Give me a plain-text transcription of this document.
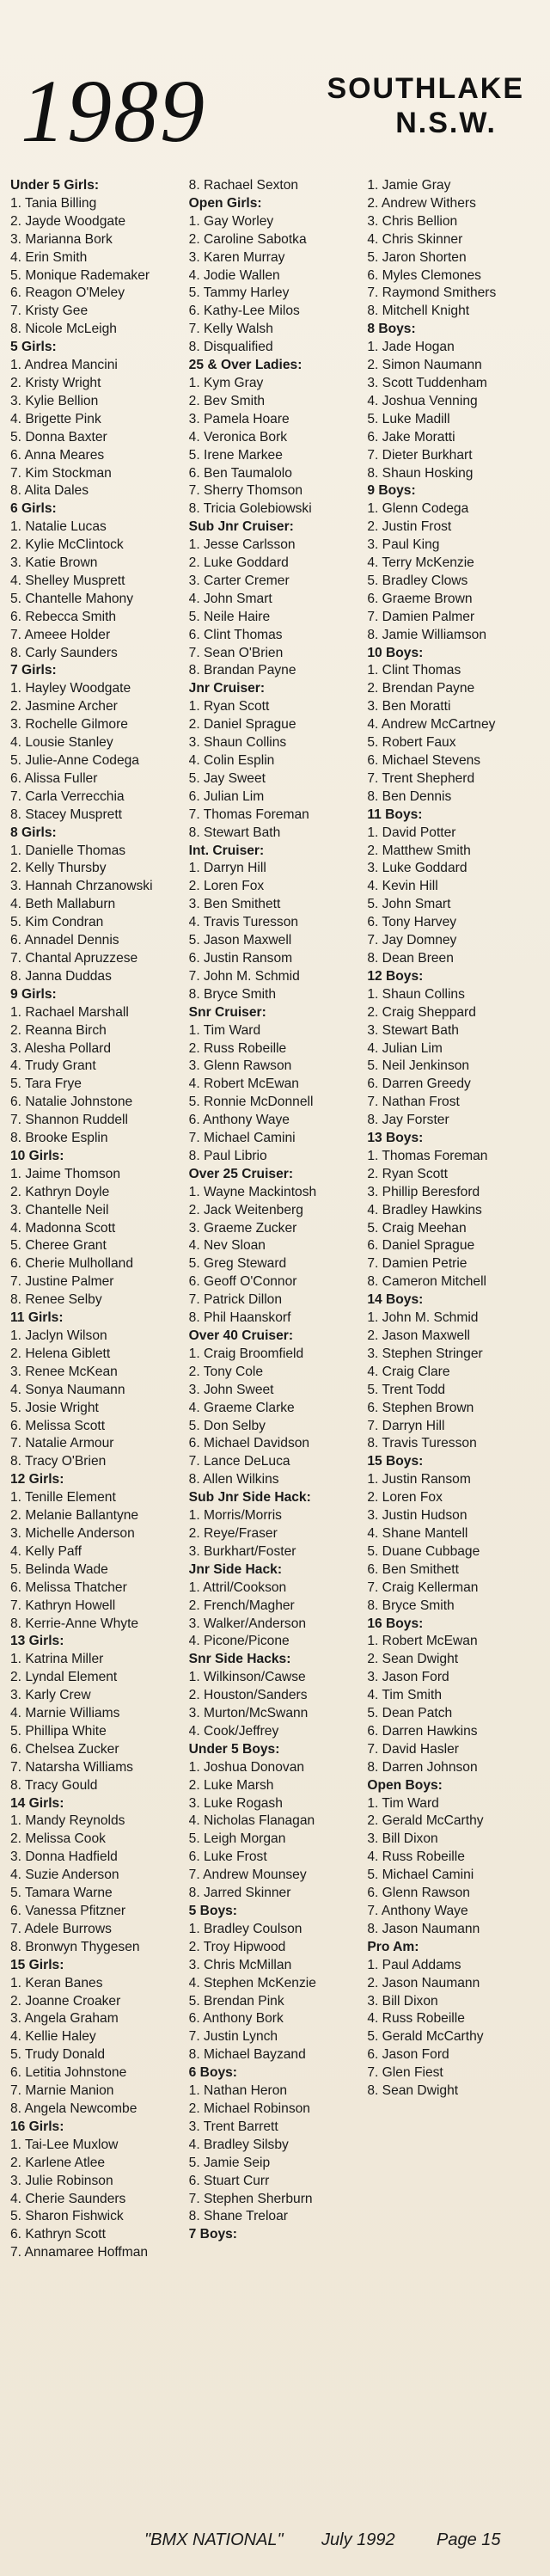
1989	SOUTHLAKE
N.S.W.
Under 5 Girls:
1. Tania Billing
2. Jayde Woodgate
3. Marianna Bork
4. Erin Smith
5. Monique Rademaker
6. Reagon O'Meley
7. Kristy Gee
8. Nicole McLeigh
5 Girls:
1. Andrea Mancini
2. Kristy Wright
3. Kylie Bellion
4. Brigette Pink
5. Donna Baxter
6. Anna Meares
7. Kim Stockman
8. Alita Dales
6 Girls:
1. Natalie Lucas
2. Kylie McClintock
3. Katie Brown
4. Shelley Musprett
5. Chantelle Mahony
6. Rebecca Smith
7. Ameee Holder
8. Carly Saunders
7 Girls:
1. Hayley Woodgate
2. Jasmine Archer
3. Rochelle Gilmore
4. Lousie Stanley
5. Julie-Anne Codega
6. Alissa Fuller
7. Carla Verrecchia
8. Stacey Musprett
8 Girls:
1. Danielle Thomas
2. Kelly Thursby
3. Hannah Chrzanowski
4. Beth Mallaburn
5. Kim Condran
6. Annadel Dennis
7. Chantal Apruzzese
8. Janna Duddas
9 Girls:
1. Rachael Marshall
2. Reanna Birch
3. Alesha Pollard
4. Trudy Grant
5. Tara Frye
6. Natalie Johnstone
7. Shannon Ruddell
8. Brooke Esplin
10 Girls:
1. Jaime Thomson
2. Kathryn Doyle
3. Chantelle Neil
4. Madonna Scott
5. Cheree Grant
6. Cherie Mulholland
7. Justine Palmer
8. Renee Selby
11 Girls:
1. Jaclyn Wilson
2. Helena Giblett
3. Renee McKean
4. Sonya Naumann
5. Josie Wright
6. Melissa Scott
7. Natalie Armour
8. Tracy O'Brien
12 Girls:
1. Tenille Element
2. Melanie Ballantyne
3. Michelle Anderson
4. Kelly Paff
5. Belinda Wade
6. Melissa Thatcher
7. Kathryn Howell
8. Kerrie-Anne Whyte
13 Girls:
1. Katrina Miller
2. Lyndal Element
3. Karly Crew
4. Marnie Williams
5. Phillipa White
6. Chelsea Zucker
7. Natarsha Williams
8. Tracy Gould
14 Girls:
1. Mandy Reynolds
2. Melissa Cook
3. Donna Hadfield
4. Suzie Anderson
5. Tamara Warne
6. Vanessa Pfitzner
7. Adele Burrows
8. Bronwyn Thygesen
15 Girls:
1. Keran Banes
2. Joanne Croaker
3. Angela Graham
4. Kellie Haley
5. Trudy Donald
6. Letitia Johnstone
7. Marnie Manion
8. Angela Newcombe
16 Girls:
1. Tai-Lee Muxlow
2. Karlene Atlee
3. Julie Robinson
4. Cherie Saunders
5. Sharon Fishwick
6. Kathryn Scott
7. Annamaree Hoffman
8. Rachael Sexton
Open Girls:
1. Gay Worley
2. Caroline Sabotka
3. Karen Murray
4. Jodie Wallen
5. Tammy Harley
6. Kathy-Lee Milos
7. Kelly Walsh
8. Disqualified
25 & Over Ladies:
1. Kym Gray
2. Bev Smith
3. Pamela Hoare
4. Veronica Bork
5. Irene Markee
6. Ben Taumalolo
7. Sherry Thomson
8. Tricia Golebiowski
Sub Jnr Cruiser:
1. Jesse Carlsson
2. Luke Goddard
3. Carter Cremer
4. John Smart
5. Neile Haire
6. Clint Thomas
7. Sean O'Brien
8. Brandan Payne
Jnr Cruiser:
1. Ryan Scott
2. Daniel Sprague
3. Shaun Collins
4. Colin Esplin
5. Jay Sweet
6. Julian Lim
7. Thomas Foreman
8. Stewart Bath
Int. Cruiser:
1. Darryn Hill
2. Loren Fox
3. Ben Smithett
4. Travis Turesson
5. Jason Maxwell
6. Justin Ransom
7. John M. Schmid
8. Bryce Smith
Snr Cruiser:
1. Tim Ward
2. Russ Robeille
3. Glenn Rawson
4. Robert McEwan
5. Ronnie McDonnell
6. Anthony Waye
7. Michael Camini
8. Paul Librio
Over 25 Cruiser:
1. Wayne Mackintosh
2. Jack Weitenberg
3. Graeme Zucker
4. Nev Sloan
5. Greg Steward
6. Geoff O'Connor
7. Patrick Dillon
8. Phil Haanskorf
Over 40 Cruiser:
1. Craig Broomfield
2. Tony Cole
3. John Sweet
4. Graeme Clarke
5. Don Selby
6. Michael Davidson
7. Lance DeLuca
8. Allen Wilkins
Sub Jnr Side Hack:
1. Morris/Morris
2. Reye/Fraser
3. Burkhart/Foster
Jnr Side Hack:
1. Attril/Cookson
2. French/Magher
3. Walker/Anderson
4. Picone/Picone
Snr Side Hacks:
1. Wilkinson/Cawse
2. Houston/Sanders
3. Murton/McSwann
4. Cook/Jeffrey
Under 5 Boys:
1. Joshua Donovan
2. Luke Marsh
3. Luke Rogash
4. Nicholas Flanagan
5. Leigh Morgan
6. Luke Frost
7. Andrew Mounsey
8. Jarred Skinner
5 Boys:
1. Bradley Coulson
2. Troy Hipwood
3. Chris McMillan
4. Stephen McKenzie
5. Brendan Pink
6. Anthony Bork
7. Justin Lynch
8. Michael Bayzand
6 Boys:
1. Nathan Heron
2. Michael Robinson
3. Trent Barrett
4. Bradley Silsby
5. Jamie Seip
6. Stuart Curr
7. Stephen Sherburn
8. Shane Treloar
7 Boys:
1. Jamie Gray
2. Andrew Withers
3. Chris Bellion
4. Chris Skinner
5. Jaron Shorten
6. Myles Clemones
7. Raymond Smithers
8. Mitchell Knight
8 Boys:
1. Jade Hogan
2. Simon Naumann
3. Scott Tuddenham
4. Joshua Venning
5. Luke Madill
6. Jake Moratti
7. Dieter Burkhart
8. Shaun Hosking
9 Boys:
1. Glenn Codega
2. Justin Frost
3. Paul King
4. Terry McKenzie
5. Bradley Clows
6. Graeme Brown
7. Damien Palmer
8. Jamie Williamson
10 Boys:
1. Clint Thomas
2. Brendan Payne
3. Ben Moratti
4. Andrew McCartney
5. Robert Faux
6. Michael Stevens
7. Trent Shepherd
8. Ben Dennis
11 Boys:
1. David Potter
2. Matthew Smith
3. Luke Goddard
4. Kevin Hill
5. John Smart
6. Tony Harvey
7. Jay Domney
8. Dean Breen
12 Boys:
1. Shaun Collins
2. Craig Sheppard
3. Stewart Bath
4. Julian Lim
5. Neil Jenkinson
6. Darren Greedy
7. Nathan Frost
8. Jay Forster
13 Boys:
1. Thomas Foreman
2. Ryan Scott
3. Phillip Beresford
4. Bradley Hawkins
5. Craig Meehan
6. Daniel Sprague
7. Damien Petrie
8. Cameron Mitchell
14 Boys:
1. John M. Schmid
2. Jason Maxwell
3. Stephen Stringer
4. Craig Clare
5. Trent Todd
6. Stephen Brown
7. Darryn Hill
8. Travis Turesson
15 Boys:
1. Justin Ransom
2. Loren Fox
3. Justin Hudson
4. Shane Mantell
5. Duane Cubbage
6. Ben Smithett
7. Craig Kellerman
8. Bryce Smith
16 Boys:
1. Robert McEwan
2. Sean Dwight
3. Jason Ford
4. Tim Smith
5. Dean Patch
6. Darren Hawkins
7. David Hasler
8. Darren Johnson
Open Boys:
1. Tim Ward
2. Gerald McCarthy
3. Bill Dixon
4. Russ Robeille
5. Michael Camini
6. Glenn Rawson
7. Anthony Waye
8. Jason Naumann
Pro Am:
1. Paul Addams
2. Jason Naumann
3. Bill Dixon
4. Russ Robeille
5. Gerald McCarthy
6. Jason Ford
7. Glen Fiest
8. Sean Dwight
"BMX NATIONAL" July 1992 Page 15
